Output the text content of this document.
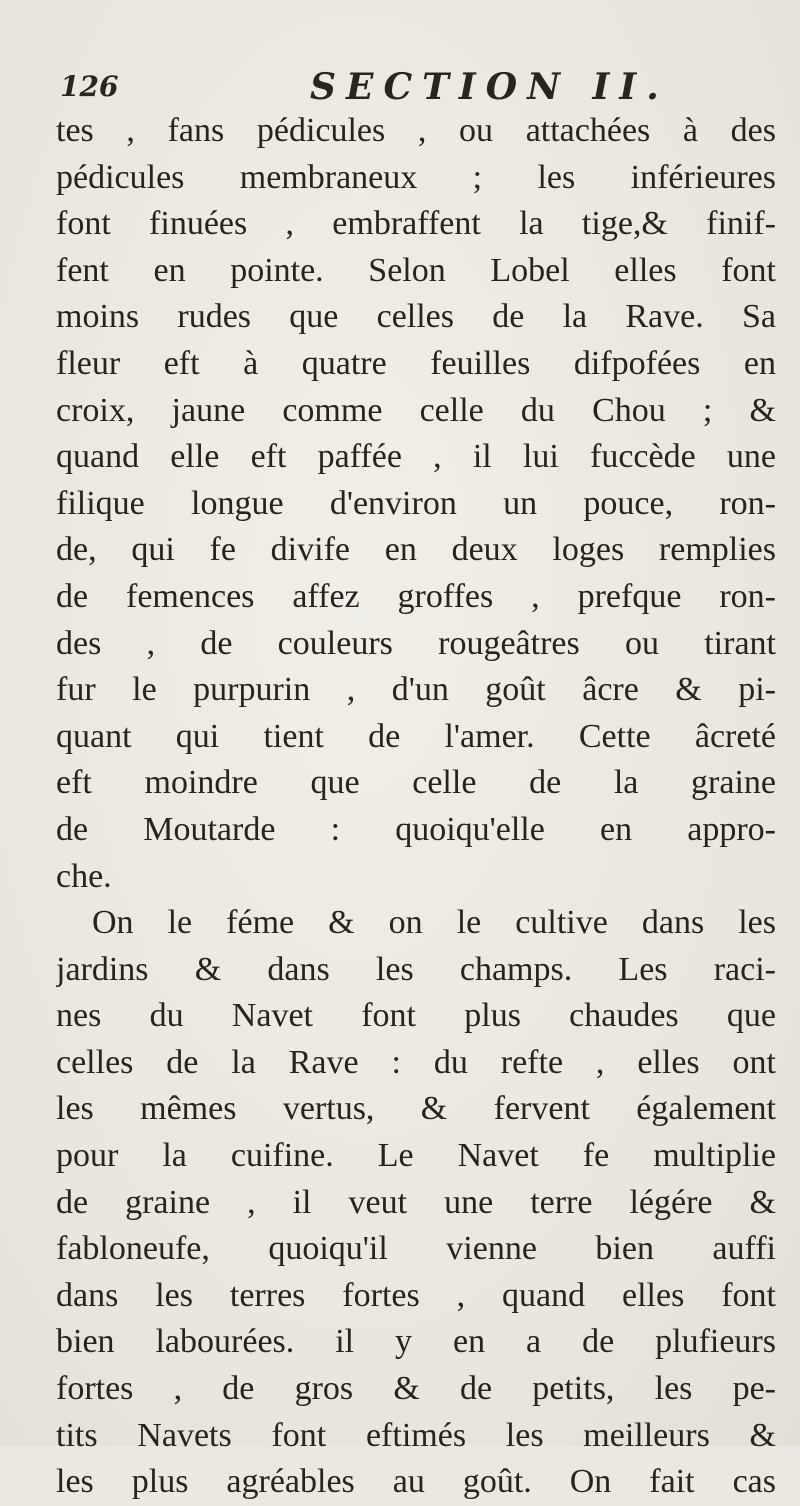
126	SECTION II.
tes , fans pédicules , ou attachées à des
pédicules membraneux ; les inférieures
font finuées , embraffent la tige,& finif-
fent en pointe. Selon Lobel elles font
moins rudes que celles de la Rave. Sa
fleur eft à quatre feuilles difpofées en
croix, jaune comme celle du Chou ; &
quand elle eft paffée , il lui fuccède une
filique longue d'environ un pouce, ron-
de, qui fe divife en deux loges remplies
de femences affez groffes , prefque ron-
des , de couleurs rougeâtres ou tirant
fur le purpurin , d'un goût âcre & pi-
quant qui tient de l'amer. Cette âcreté
eft moindre que celle de la graine
de Moutarde : quoiqu'elle en appro-
che.
On le féme & on le cultive dans les
jardins & dans les champs. Les raci-
nes du Navet font plus chaudes que
celles de la Rave : du refte , elles ont
les mêmes vertus, & fervent également
pour la cuifine. Le Navet fe multiplie
de graine , il veut une terre légére &
fabloneufe, quoiqu'il vienne bien auffi
dans les terres fortes , quand elles font
bien labourées. il y en a de plufieurs
fortes , de gros & de petits, les pe-
tits Navets font eftimés les meilleurs &
les plus agréables au goût. On fait cas
